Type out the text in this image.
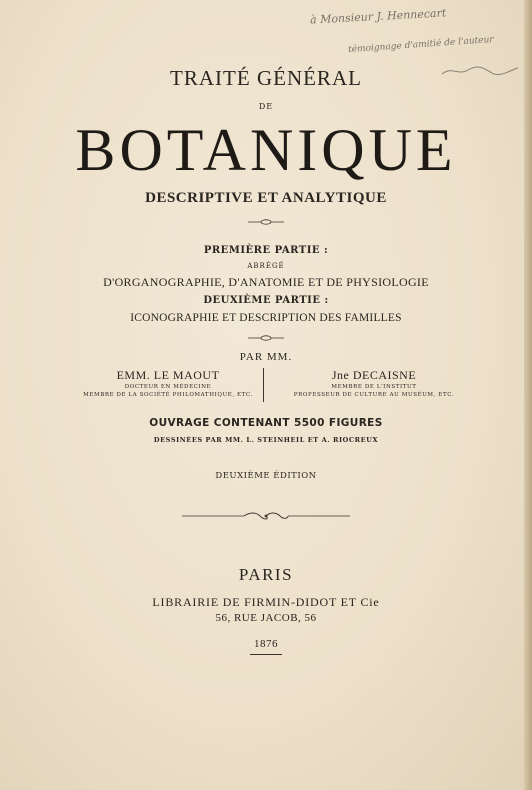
à Monsieur J. Hennecart
témoignage d'amitié de l'auteur
TRAITÉ GÉNÉRAL
DE
BOTANIQUE
DESCRIPTIVE ET ANALYTIQUE
PREMIÈRE PARTIE :
ABRÉGÉ
D'ORGANOGRAPHIE, D'ANATOMIE ET DE PHYSIOLOGIE
DEUXIÈME PARTIE :
ICONOGRAPHIE ET DESCRIPTION DES FAMILLES
PAR MM.
EMM. LE MAOUT
DOCTEUR EN MÉDECINE
MEMBRE DE LA SOCIÉTÉ PHILOMATHIQUE, ETC.
Jne DECAISNE
MEMBRE DE L'INSTITUT
PROFESSEUR DE CULTURE AU MUSÉUM, ETC.
OUVRAGE CONTENANT 5500 FIGURES
DESSINÉES PAR MM. L. STEINHEIL ET A. RIOCREUX
DEUXIÈME ÉDITION
PARIS
LIBRAIRIE DE FIRMIN-DIDOT ET Cie
56, RUE JACOB, 56
1876
